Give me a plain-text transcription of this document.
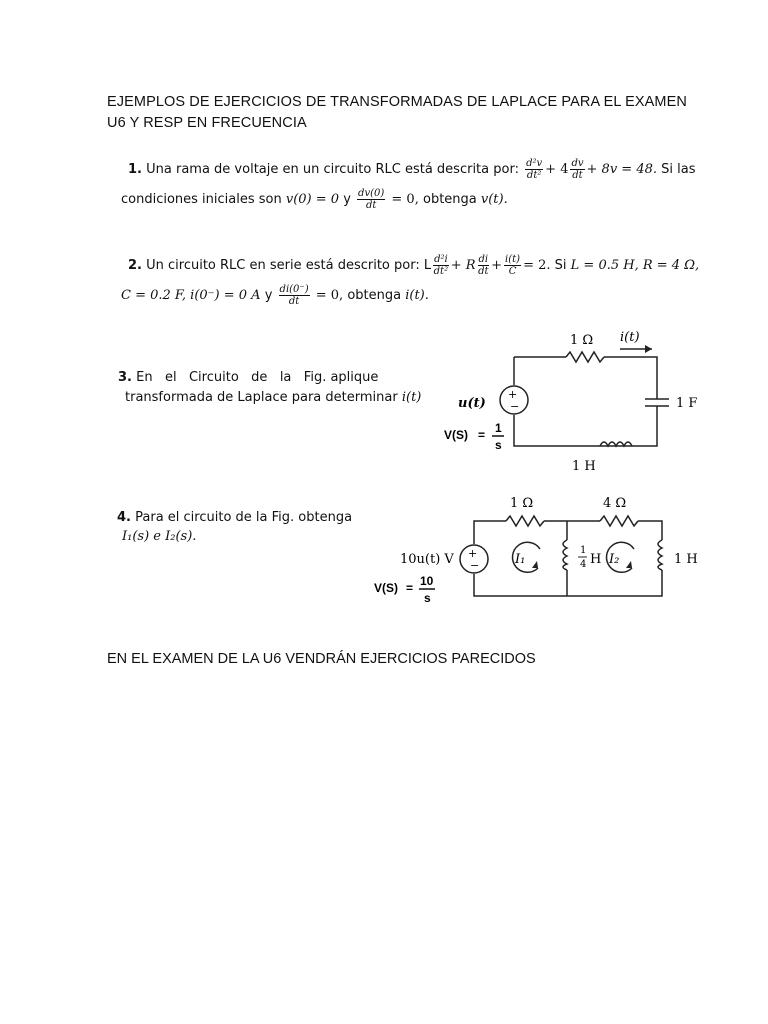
EJEMPLOS DE EJERCICIOS DE TRANSFORMADAS DE LAPLACE PARA EL EXAMEN
U6 Y RESP EN FRECUENCIA
1. Una rama de voltaje en un circuito RLC está descrita por: $\frac{\text{d²v}}{\text{dt²}} + 4 \frac{dv}{dt} + 8v = 48$. Si las
condiciones iniciales son v(0) = 0 y $\frac{dv(0)}{dt} = 0$, obtenga v(t).
2. Un circuito RLC en serie está descrito por: L $\frac{\text{d²i}}{\text{dt²}} + R \frac{di}{dt} + \frac{i(t)}{C} = 2$. Si L = 0.5 H, R = 4 Ω,
C = 0.2 F, i(0⁻) = 0 A y $\frac{di(0^-)}{dt} = 0$, obtenga i(t).
3. En   el   Circuito   de   la   Fig. aplique
transformada de Laplace para determinar i(t)	+
−
1 Ω i(t)
1 F
1 H
u(t)
V(S) = 1
s
4. Para el circuito de la Fig. obtenga
I₁(s) e I₂(s).
+
−
1 Ω	4 Ω
10u(t) V	I₁	I₂
1
4 H	1 H
V(S) = 10
s
EN EL EXAMEN DE LA U6 VENDRÁN EJERCICIOS PARECIDOS
